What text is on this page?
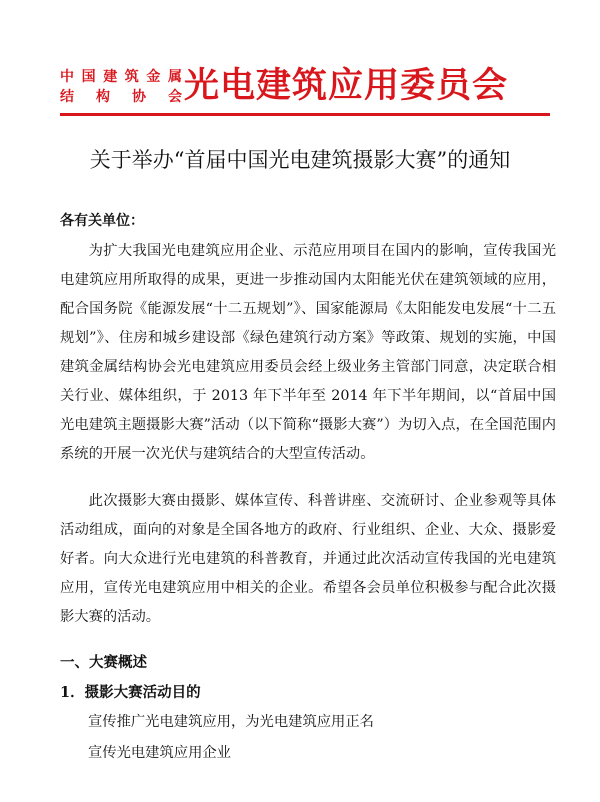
中国建筑金属
结构协会 光电建筑应用委员会
关于举办“首届中国光电建筑摄影大赛”的通知
各有关单位：

为扩大我国光电建筑应用企业、示范应用项目在国内的影响，宣传我国光电建筑应用所取得的成果，更进一步推动国内太阳能光伏在建筑领域的应用，配合国务院《能源发展“十二五规划”》、国家能源局《太阳能发电发展“十二五规划”》、住房和城乡建设部《绿色建筑行动方案》等政策、规划的实施，中国建筑金属结构协会光电建筑应用委员会经上级业务主管部门同意，决定联合相关行业、媒体组织，于 2013 年下半年至 2014 年下半年期间，以“首届中国光电建筑主题摄影大赛”活动（以下简称“摄影大赛”）为切入点，在全国范围内系统的开展一次光伏与建筑结合的大型宣传活动。

此次摄影大赛由摄影、媒体宣传、科普讲座、交流研讨、企业参观等具体活动组成，面向的对象是全国各地方的政府、行业组织、企业、大众、摄影爱好者。向大众进行光电建筑的科普教育，并通过此次活动宣传我国的光电建筑应用，宣传光电建筑应用中相关的企业。希望各会员单位积极参与配合此次摄影大赛的活动。

一、大赛概述
1．摄影大赛活动目的
宣传推广光电建筑应用，为光电建筑应用正名
宣传光电建筑应用企业
